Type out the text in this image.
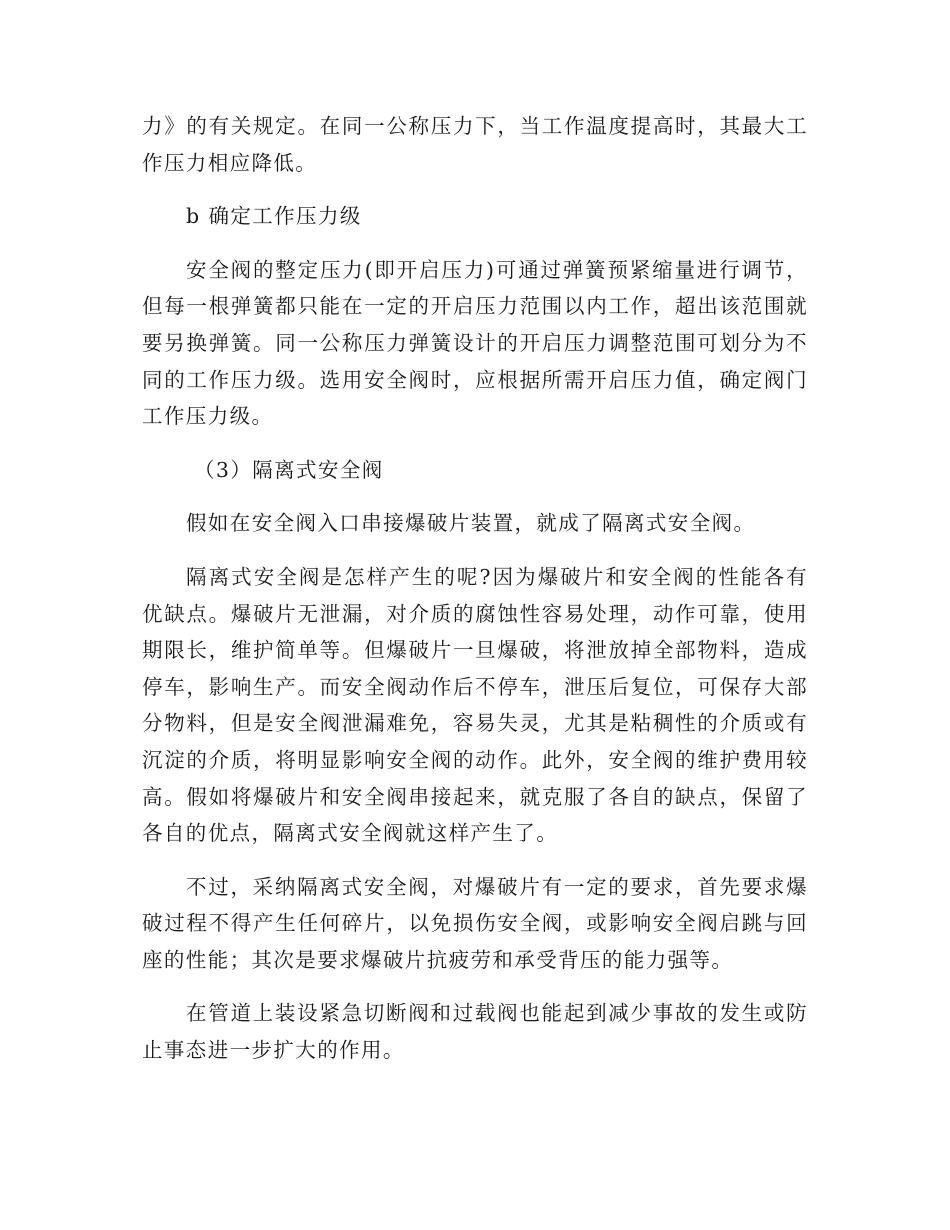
力》的有关规定。在同一公称压力下，当工作温度提高时，其最大工作压力相应降低。

b 确定工作压力级

安全阀的整定压力(即开启压力)可通过弹簧预紧缩量进行调节，但每一根弹簧都只能在一定的开启压力范围以内工作，超出该范围就要另换弹簧。同一公称压力弹簧设计的开启压力调整范围可划分为不同的工作压力级。选用安全阀时，应根据所需开启压力值，确定阀门工作压力级。

（3）隔离式安全阀

假如在安全阀入口串接爆破片装置，就成了隔离式安全阀。

隔离式安全阀是怎样产生的呢?因为爆破片和安全阀的性能各有优缺点。爆破片无泄漏，对介质的腐蚀性容易处理，动作可靠，使用期限长，维护简单等。但爆破片一旦爆破，将泄放掉全部物料，造成停车，影响生产。而安全阀动作后不停车，泄压后复位，可保存大部分物料，但是安全阀泄漏难免，容易失灵，尤其是粘稠性的介质或有沉淀的介质，将明显影响安全阀的动作。此外，安全阀的维护费用较高。假如将爆破片和安全阀串接起来，就克服了各自的缺点，保留了各自的优点，隔离式安全阀就这样产生了。

不过，采纳隔离式安全阀，对爆破片有一定的要求，首先要求爆破过程不得产生任何碎片，以免损伤安全阀，或影响安全阀启跳与回座的性能；其次是要求爆破片抗疲劳和承受背压的能力强等。

在管道上装设紧急切断阀和过载阀也能起到减少事故的发生或防止事态进一步扩大的作用。
